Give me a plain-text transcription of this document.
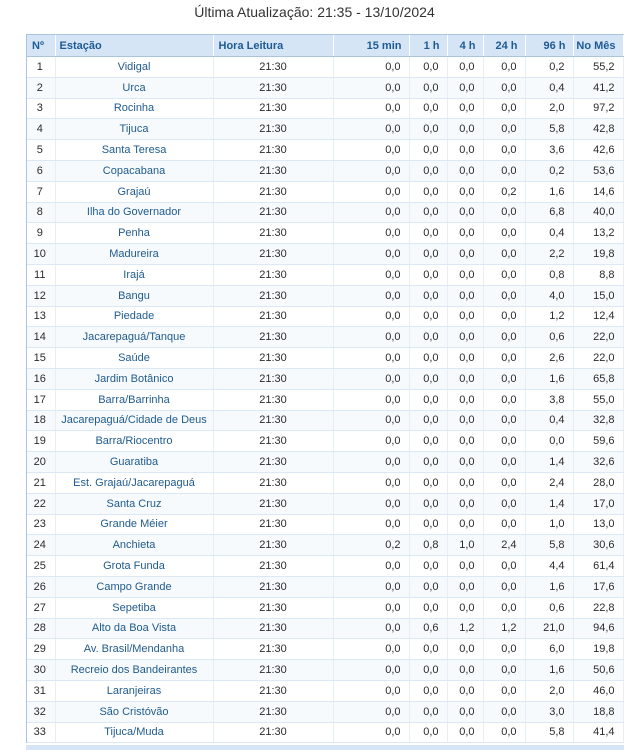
Última Atualização: 21:35 - 13/10/2024
Nº	Estação	Hora Leitura	15 min	1 h	4 h	24 h	96 h	No Mês
1	Vidigal	21:30	0,0	0,0	0,0	0,0	0,2	55,2
2	Urca	21:30	0,0	0,0	0,0	0,0	0,4	41,2
3	Rocinha	21:30	0,0	0,0	0,0	0,0	2,0	97,2
4	Tijuca	21:30	0,0	0,0	0,0	0,0	5,8	42,8
5	Santa Teresa	21:30	0,0	0,0	0,0	0,0	3,6	42,6
6	Copacabana	21:30	0,0	0,0	0,0	0,0	0,2	53,6
7	Grajaú	21:30	0,0	0,0	0,0	0,2	1,6	14,6
8	Ilha do Governador	21:30	0,0	0,0	0,0	0,0	6,8	40,0
9	Penha	21:30	0,0	0,0	0,0	0,0	0,4	13,2
10	Madureira	21:30	0,0	0,0	0,0	0,0	2,2	19,8
11	Irajá	21:30	0,0	0,0	0,0	0,0	0,8	8,8
12	Bangu	21:30	0,0	0,0	0,0	0,0	4,0	15,0
13	Piedade	21:30	0,0	0,0	0,0	0,0	1,2	12,4
14	Jacarepaguá/Tanque	21:30	0,0	0,0	0,0	0,0	0,6	22,0
15	Saúde	21:30	0,0	0,0	0,0	0,0	2,6	22,0
16	Jardim Botânico	21:30	0,0	0,0	0,0	0,0	1,6	65,8
17	Barra/Barrinha	21:30	0,0	0,0	0,0	0,0	3,8	55,0
18	Jacarepaguá/Cidade de Deus	21:30	0,0	0,0	0,0	0,0	0,4	32,8
19	Barra/Riocentro	21:30	0,0	0,0	0,0	0,0	0,0	59,6
20	Guaratiba	21:30	0,0	0,0	0,0	0,0	1,4	32,6
21	Est. Grajaú/Jacarepaguá	21:30	0,0	0,0	0,0	0,0	2,4	28,0
22	Santa Cruz	21:30	0,0	0,0	0,0	0,0	1,4	17,0
23	Grande Méier	21:30	0,0	0,0	0,0	0,0	1,0	13,0
24	Anchieta	21:30	0,2	0,8	1,0	2,4	5,8	30,6
25	Grota Funda	21:30	0,0	0,0	0,0	0,0	4,4	61,4
26	Campo Grande	21:30	0,0	0,0	0,0	0,0	1,6	17,6
27	Sepetiba	21:30	0,0	0,0	0,0	0,0	0,6	22,8
28	Alto da Boa Vista	21:30	0,0	0,6	1,2	1,2	21,0	94,6
29	Av. Brasil/Mendanha	21:30	0,0	0,0	0,0	0,0	6,0	19,8
30	Recreio dos Bandeirantes	21:30	0,0	0,0	0,0	0,0	1,6	50,6
31	Laranjeiras	21:30	0,0	0,0	0,0	0,0	2,0	46,0
32	São Cristóvão	21:30	0,0	0,0	0,0	0,0	3,0	18,8
33	Tijuca/Muda	21:30	0,0	0,0	0,0	0,0	5,8	41,4
